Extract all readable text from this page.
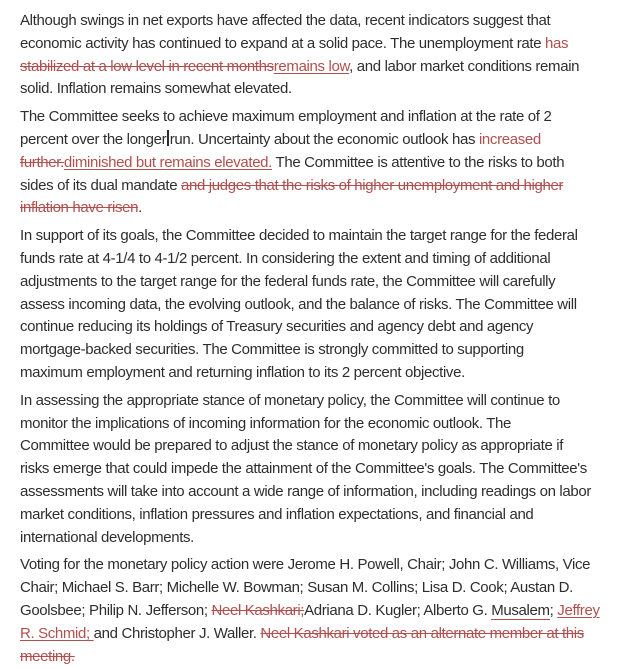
Although swings in net exports have affected the data, recent indicators suggest that
economic activity has continued to expand at a solid pace. The unemployment rate has
stabilized at a low level in recent monthsremains low, and labor market conditions remain
solid. Inflation remains somewhat elevated.

The Committee seeks to achieve maximum employment and inflation at the rate of 2
percent over the longer run. Uncertainty about the economic outlook has increased
further.diminished but remains elevated. The Committee is attentive to the risks to both
sides of its dual mandate and judges that the risks of higher unemployment and higher
inflation have risen.

In support of its goals, the Committee decided to maintain the target range for the federal
funds rate at 4-1/4 to 4-1/2 percent. In considering the extent and timing of additional
adjustments to the target range for the federal funds rate, the Committee will carefully
assess incoming data, the evolving outlook, and the balance of risks. The Committee will
continue reducing its holdings of Treasury securities and agency debt and agency
mortgage-backed securities. The Committee is strongly committed to supporting
maximum employment and returning inflation to its 2 percent objective.

In assessing the appropriate stance of monetary policy, the Committee will continue to
monitor the implications of incoming information for the economic outlook. The
Committee would be prepared to adjust the stance of monetary policy as appropriate if
risks emerge that could impede the attainment of the Committee's goals. The Committee's
assessments will take into account a wide range of information, including readings on labor
market conditions, inflation pressures and inflation expectations, and financial and
international developments.

Voting for the monetary policy action were Jerome H. Powell, Chair; John C. Williams, Vice
Chair; Michael S. Barr; Michelle W. Bowman; Susan M. Collins; Lisa D. Cook; Austan D.
Goolsbee; Philip N. Jefferson; Neel Kashkari;Adriana D. Kugler; Alberto G. Musalem; Jeffrey
R. Schmid; and Christopher J. Waller. Neel Kashkari voted as an alternate member at this
meeting.
